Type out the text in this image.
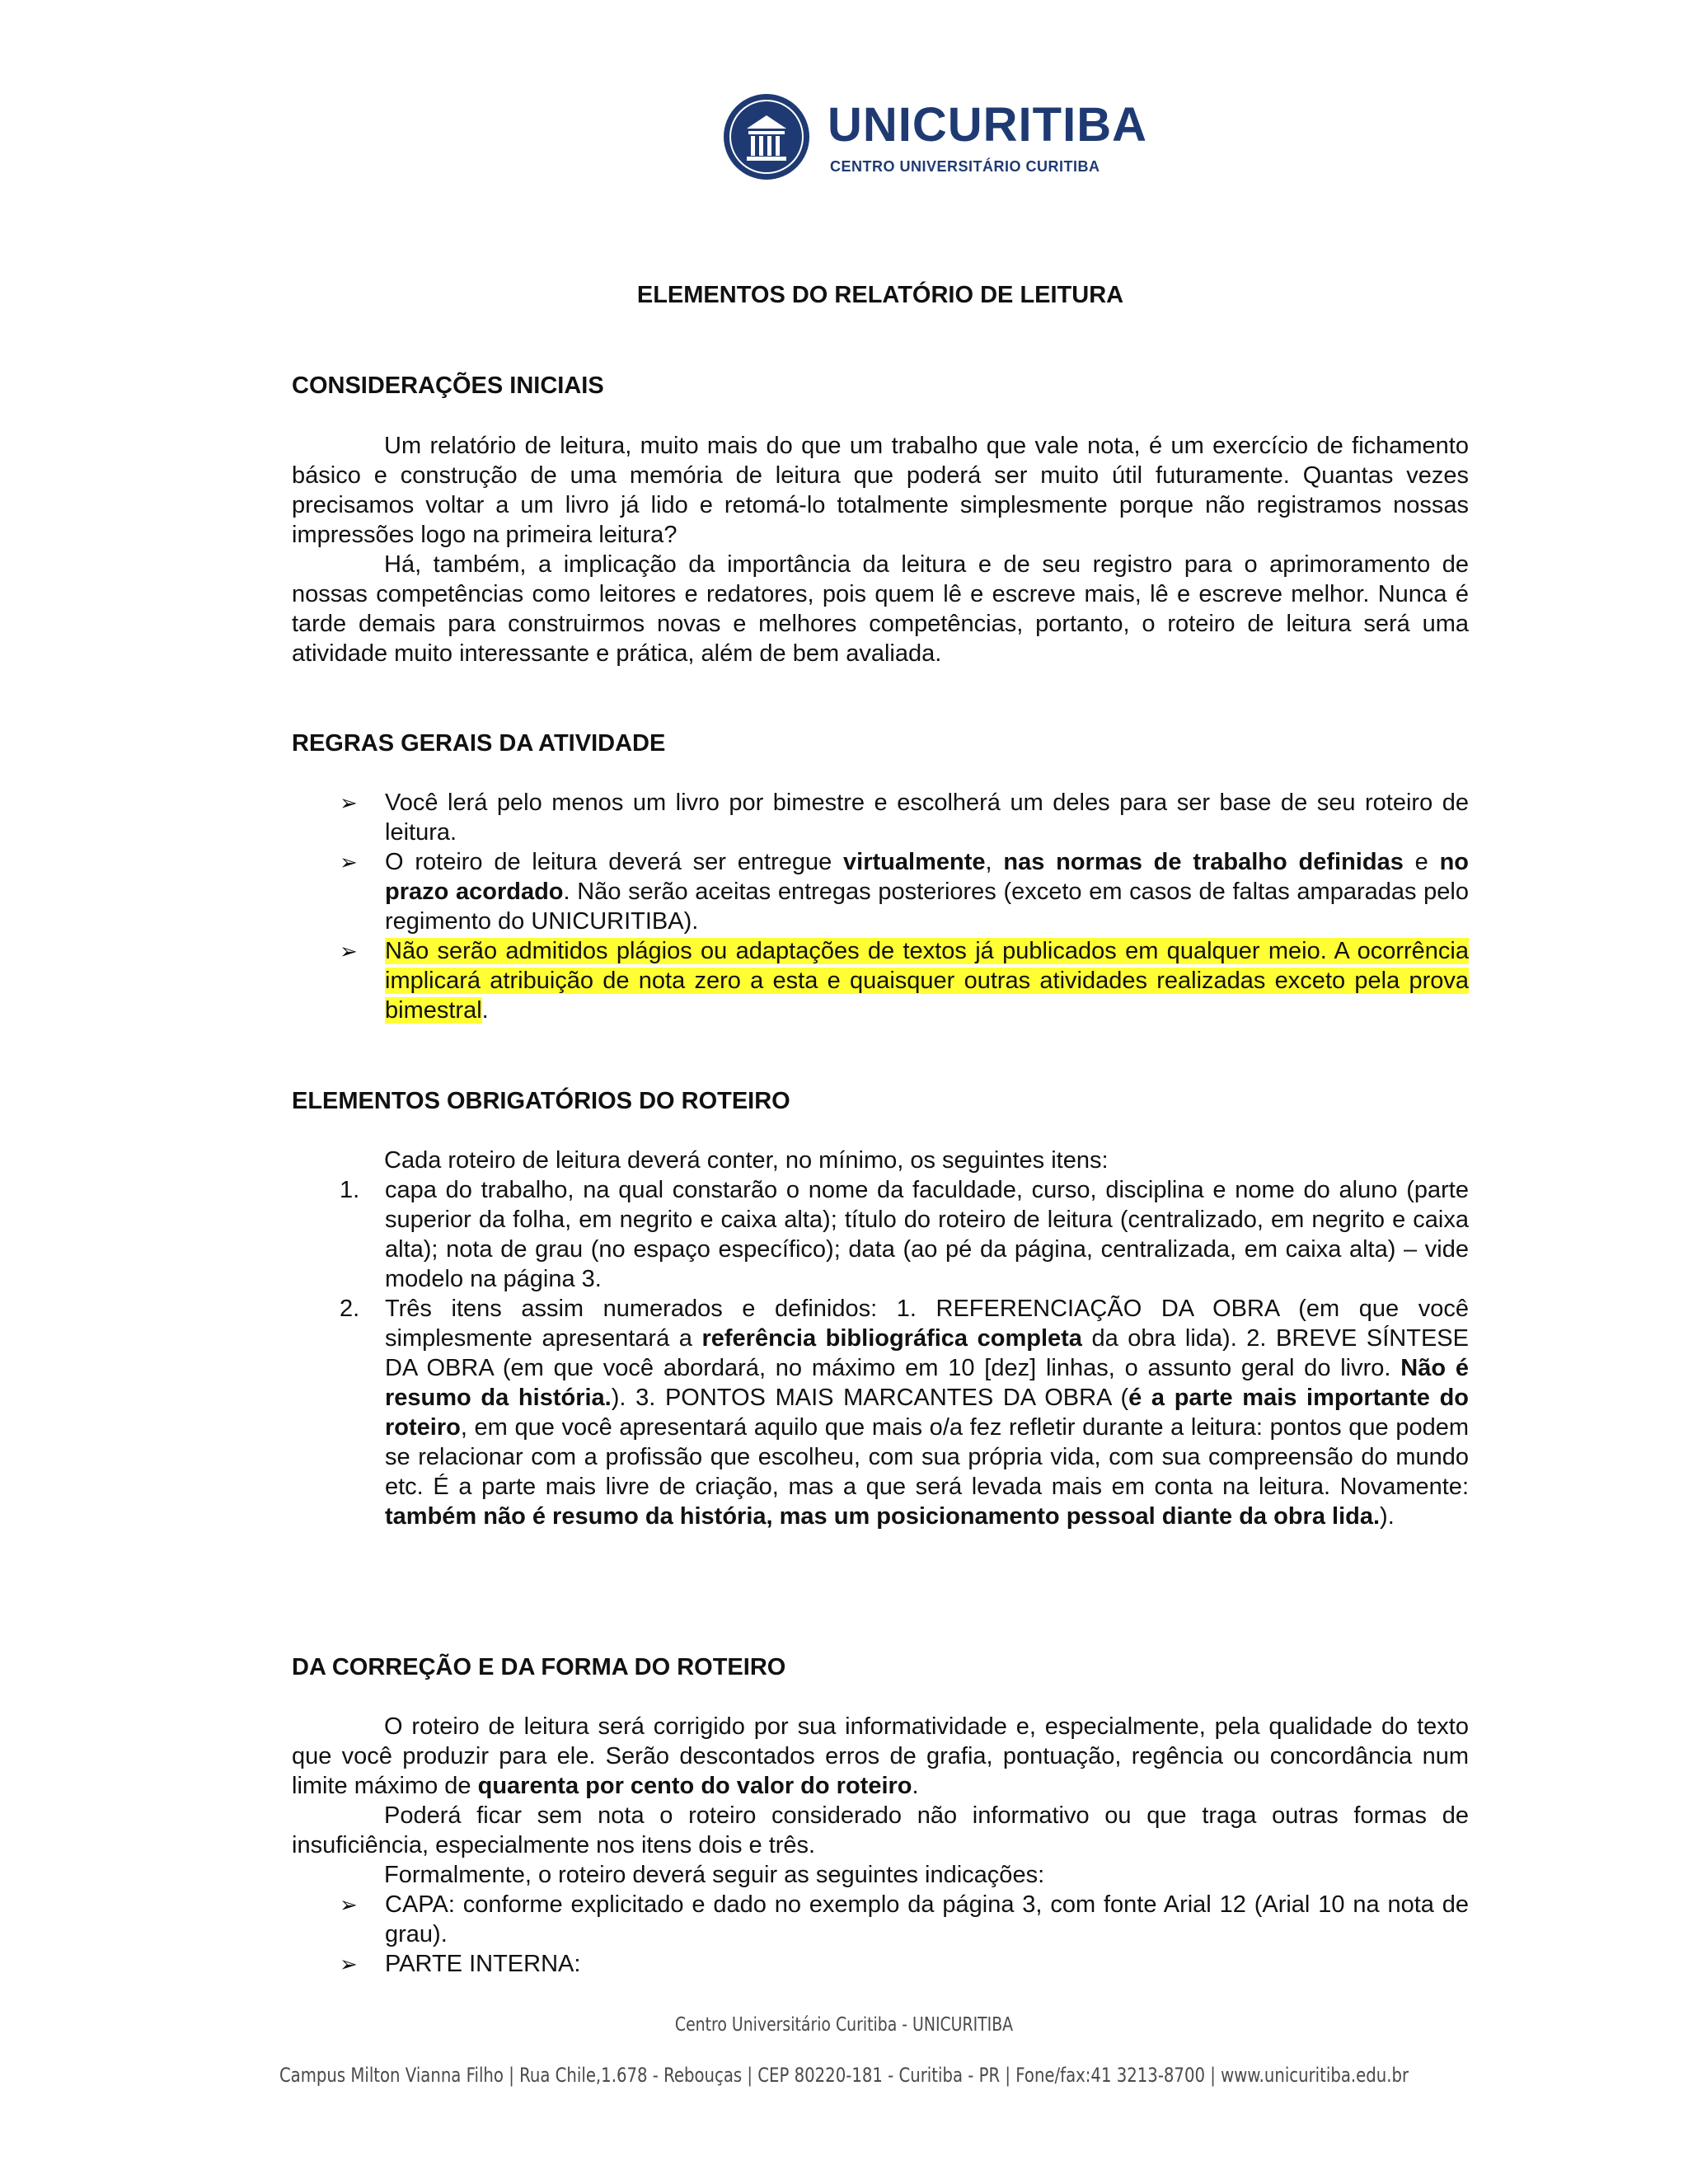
UNICURITIBA
CENTRO UNIVERSITÁRIO CURITIBA
ELEMENTOS DO RELATÓRIO DE LEITURA
CONSIDERAÇÕES INICIAIS

Um relatório de leitura, muito mais do que um trabalho que vale nota, é um exercício de fichamento básico e construção de uma memória de leitura que poderá ser muito útil futuramente. Quantas vezes precisamos voltar a um livro já lido e retomá-lo totalmente simplesmente porque não registramos nossas impressões logo na primeira leitura?

Há, também, a implicação da importância da leitura e de seu registro para o aprimoramento de nossas competências como leitores e redatores, pois quem lê e escreve mais, lê e escreve melhor. Nunca é tarde demais para construirmos novas e melhores competências, portanto, o roteiro de leitura será uma atividade muito interessante e prática, além de bem avaliada.

REGRAS GERAIS DA ATIVIDADE
➢ Você lerá pelo menos um livro por bimestre e escolherá um deles para ser base de seu roteiro de leitura.
➢ O roteiro de leitura deverá ser entregue virtualmente, nas normas de trabalho definidas e no prazo acordado. Não serão aceitas entregas posteriores (exceto em casos de faltas amparadas pelo regimento do UNICURITIBA).
➢ Não serão admitidos plágios ou adaptações de textos já publicados em qualquer meio. A ocorrência implicará atribuição de nota zero a esta e quaisquer outras atividades realizadas exceto pela prova bimestral.
ELEMENTOS OBRIGATÓRIOS DO ROTEIRO

Cada roteiro de leitura deverá conter, no mínimo, os seguintes itens:

1. capa do trabalho, na qual constarão o nome da faculdade, curso, disciplina e nome do aluno (parte superior da folha, em negrito e caixa alta); título do roteiro de leitura (centralizado, em negrito e caixa alta); nota de grau (no espaço específico); data (ao pé da página, centralizada, em caixa alta) – vide modelo na página 3.
2. Três itens assim numerados e definidos: 1. REFERENCIAÇÃO DA OBRA (em que você simplesmente apresentará a referência bibliográfica completa da obra lida). 2. BREVE SÍNTESE DA OBRA (em que você abordará, no máximo em 10 [dez] linhas, o assunto geral do livro. Não é resumo da história.). 3. PONTOS MAIS MARCANTES DA OBRA (é a parte mais importante do roteiro, em que você apresentará aquilo que mais o/a fez refletir durante a leitura: pontos que podem se relacionar com a profissão que escolheu, com sua própria vida, com sua compreensão do mundo etc. É a parte mais livre de criação, mas a que será levada mais em conta na leitura. Novamente: também não é resumo da história, mas um posicionamento pessoal diante da obra lida.).
DA CORREÇÃO E DA FORMA DO ROTEIRO

O roteiro de leitura será corrigido por sua informatividade e, especialmente, pela qualidade do texto que você produzir para ele. Serão descontados erros de grafia, pontuação, regência ou concordância num limite máximo de quarenta por cento do valor do roteiro.

Poderá ficar sem nota o roteiro considerado não informativo ou que traga outras formas de insuficiência, especialmente nos itens dois e três.

Formalmente, o roteiro deverá seguir as seguintes indicações:

➢ CAPA: conforme explicitado e dado no exemplo da página 3, com fonte Arial 12 (Arial 10 na nota de grau).
➢ PARTE INTERNA:
Centro Universitário Curitiba - UNICURITIBA
Campus Milton Vianna Filho | Rua Chile,1.678 - Rebouças | CEP 80220-181 - Curitiba - PR | Fone/fax:41 3213-8700 | www.unicuritiba.edu.br
